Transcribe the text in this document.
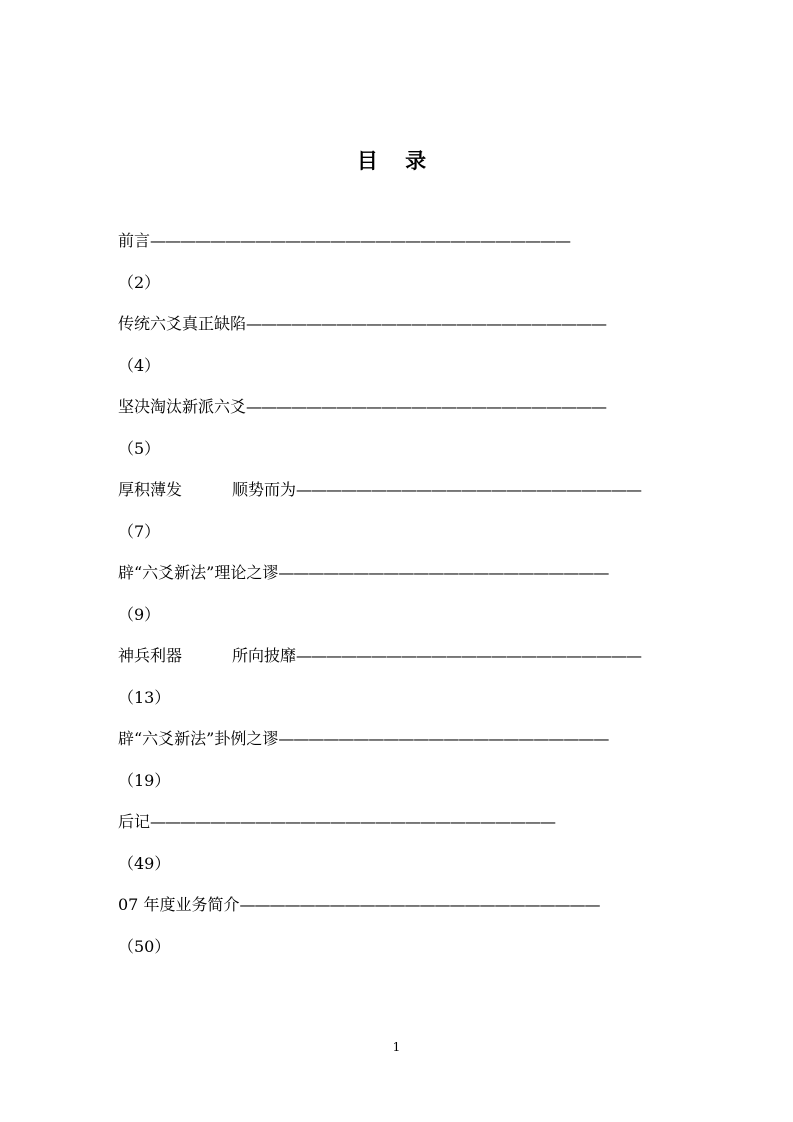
目 录
前言————————————————————————————
（2）
传统六爻真正缺陷————————————————————————
（4）
坚决淘汰新派六爻————————————————————————
（5）
厚积薄发	顺势而为———————————————————————
（7）
辟“六爻新法”理论之谬——————————————————————
（9）
神兵利器	所向披靡———————————————————————
（13）
辟“六爻新法”卦例之谬——————————————————————
（19）
后记———————————————————————————
（49）
07 年度业务简介————————————————————————
（50）
1
